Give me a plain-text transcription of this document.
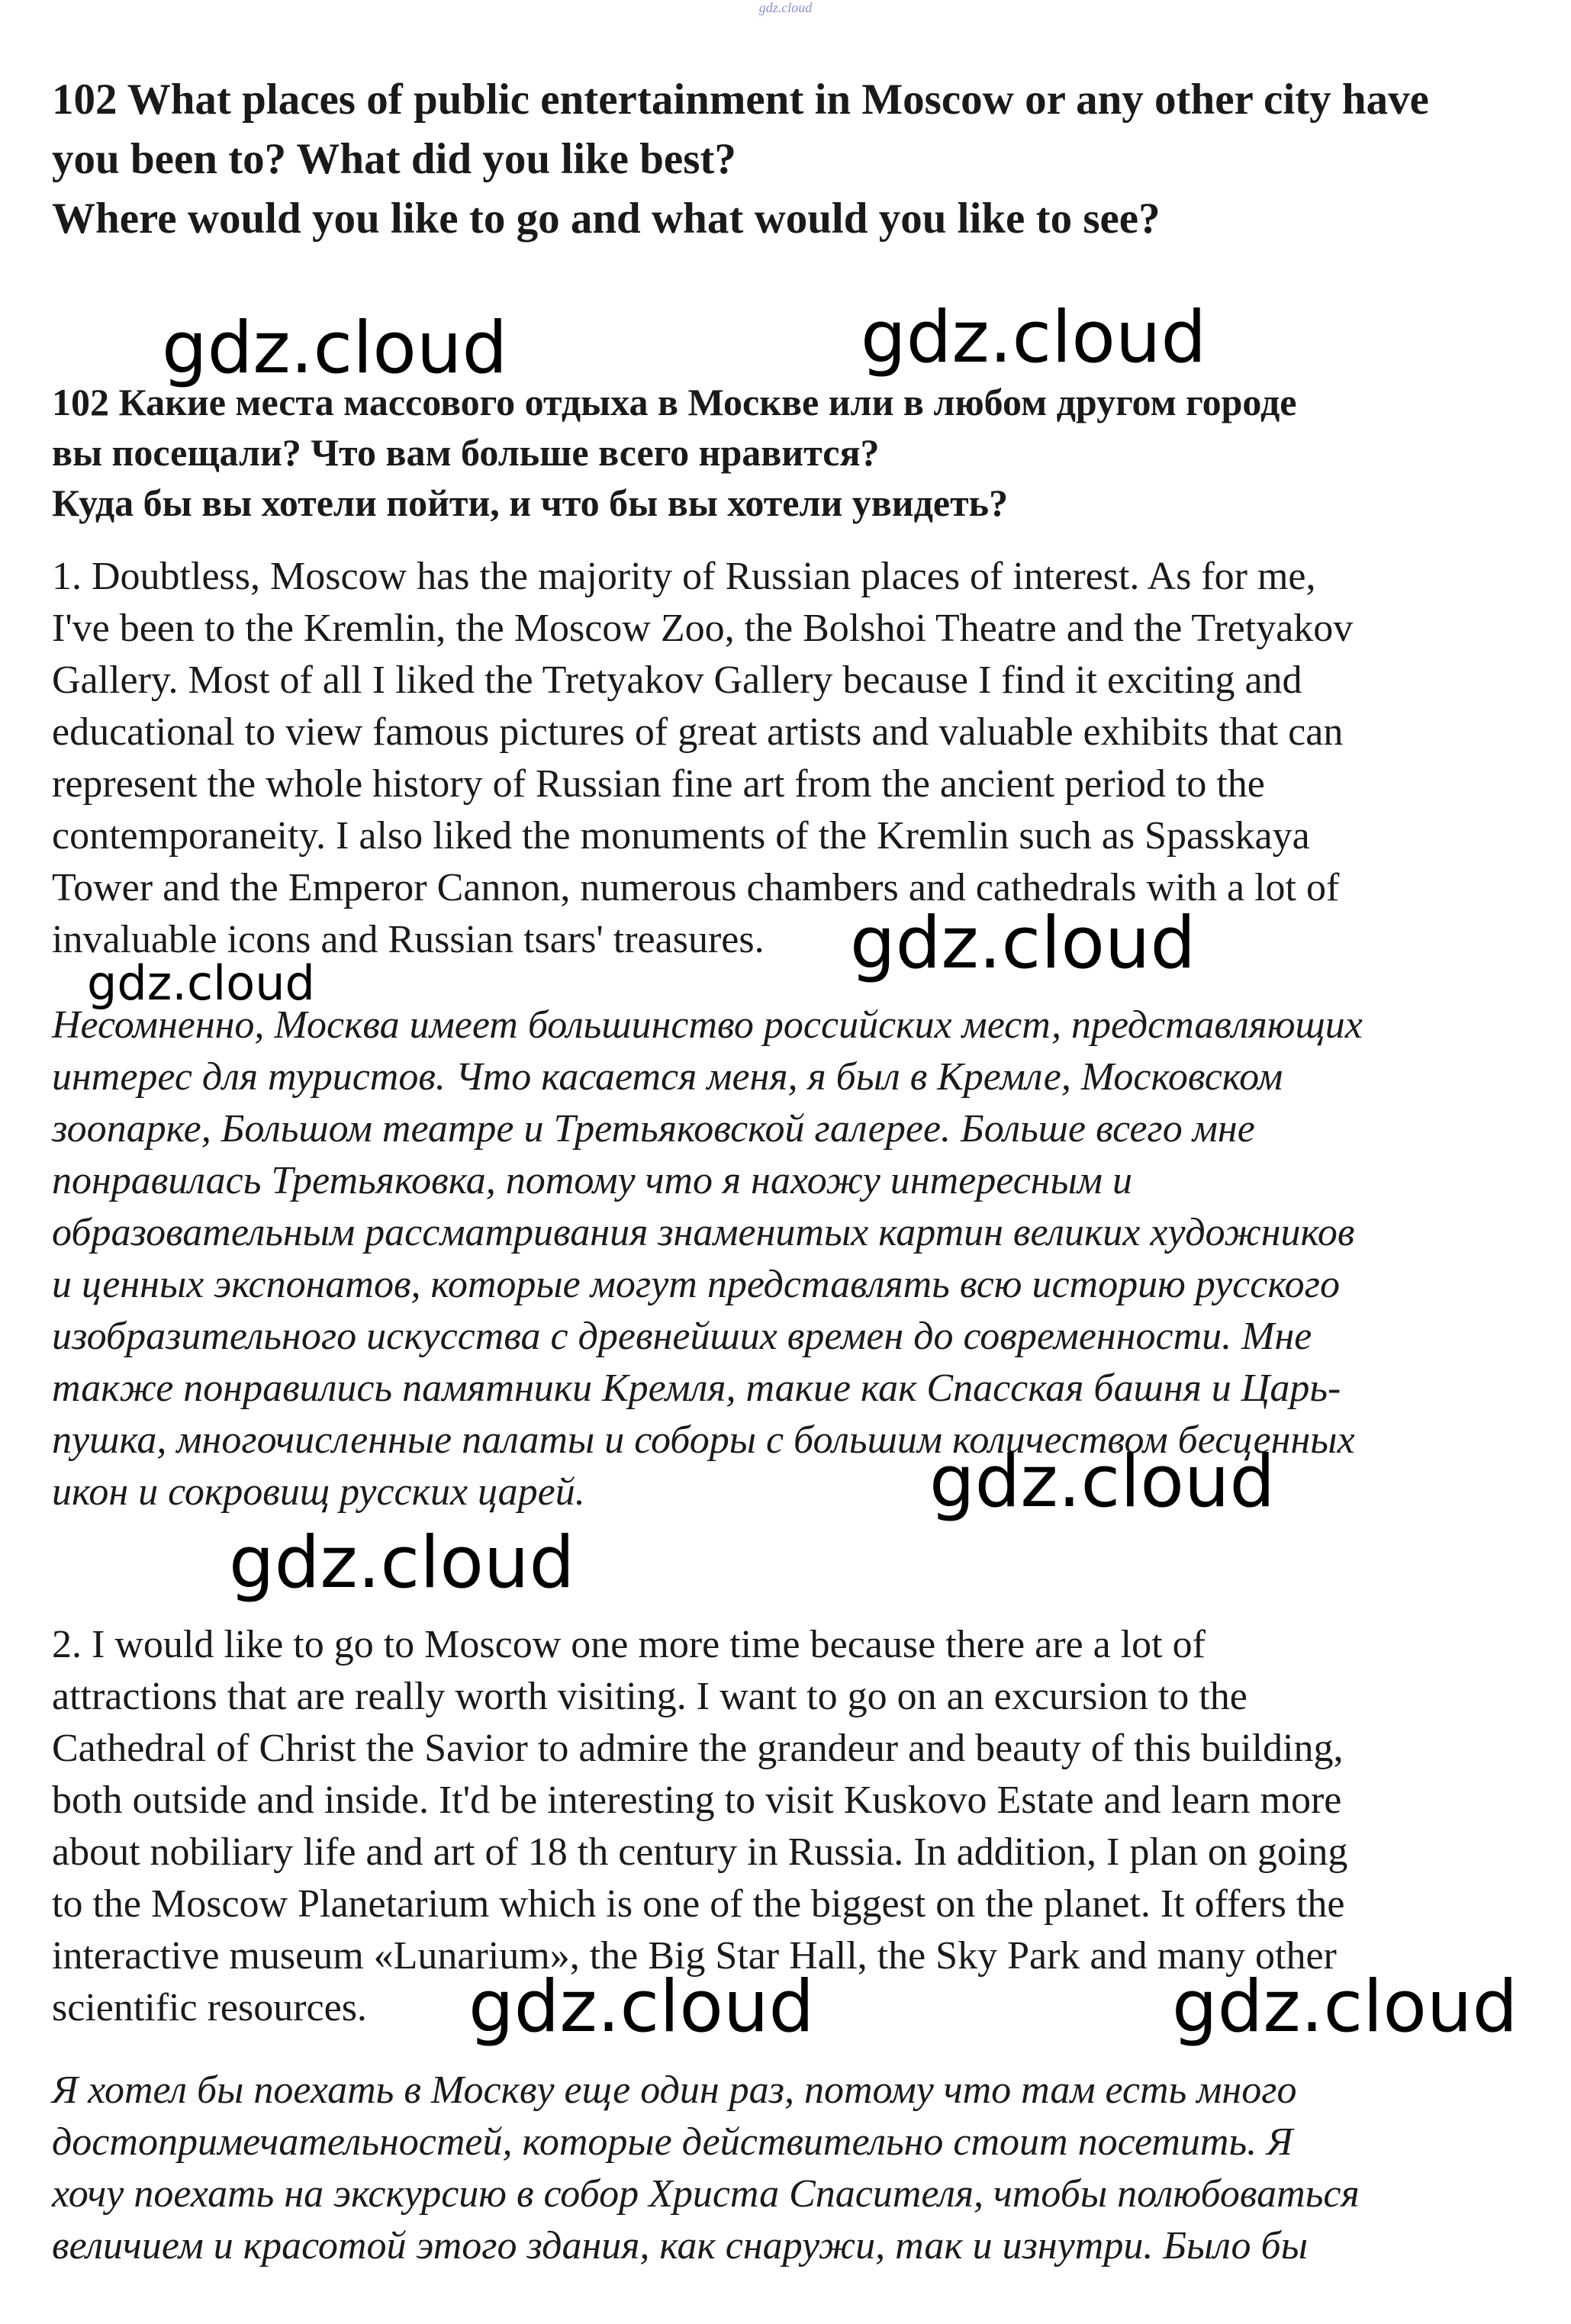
gdz.cloud
102 What places of public entertainment in Moscow or any other city have
you been to? What did you like best?
Where would you like to go and what would you like to see?
102 Какие места массового отдыха в Москве или в любом другом городе
вы посещали? Что вам больше всего нравится?
Куда бы вы хотели пойти, и что бы вы хотели увидеть?
1. Doubtless, Moscow has the majority of Russian places of interest. As for me,
I've been to the Kremlin, the Moscow Zoo, the Bolshoi Theatre and the Tretyakov
Gallery. Most of all I liked the Tretyakov Gallery because I find it exciting and
educational to view famous pictures of great artists and valuable exhibits that can
represent the whole history of Russian fine art from the ancient period to the
contemporaneity. I also liked the monuments of the Kremlin such as Spasskaya
Tower and the Emperor Cannon, numerous chambers and cathedrals with a lot of
invaluable icons and Russian tsars' treasures.
Несомненно, Москва имеет большинство российских мест, представляющих
интерес для туристов. Что касается меня, я был в Кремле, Московском
зоопарке, Большом театре и Третьяковской галерее. Больше всего мне
понравилась Третьяковка, потому что я нахожу интересным и
образовательным рассматривания знаменитых картин великих художников
и ценных экспонатов, которые могут представлять всю историю русского
изобразительного искусства с древнейших времен до современности. Мне
также понравились памятники Кремля, такие как Спасская башня и Царь-
пушка, многочисленные палаты и соборы с большим количеством бесценных
икон и сокровищ русских царей.
2. I would like to go to Moscow one more time because there are a lot of
attractions that are really worth visiting. I want to go on an excursion to the
Cathedral of Christ the Savior to admire the grandeur and beauty of this building,
both outside and inside. It'd be interesting to visit Kuskovo Estate and learn more
about nobiliary life and art of 18 th century in Russia. In addition, I plan on going
to the Moscow Planetarium which is one of the biggest on the planet. It offers the
interactive museum «Lunarium», the Big Star Hall, the Sky Park and many other
scientific resources.
Я хотел бы поехать в Москву еще один раз, потому что там есть много
достопримечательностей, которые действительно стоит посетить. Я
хочу поехать на экскурсию в собор Христа Спасителя, чтобы полюбоваться
величием и красотой этого здания, как снаружи, так и изнутри. Было бы
gdz.cloud	gdz.cloud
gdz.cloud
gdz.cloud
gdz.cloud
gdz.cloud
gdz.cloud	gdz.cloud
